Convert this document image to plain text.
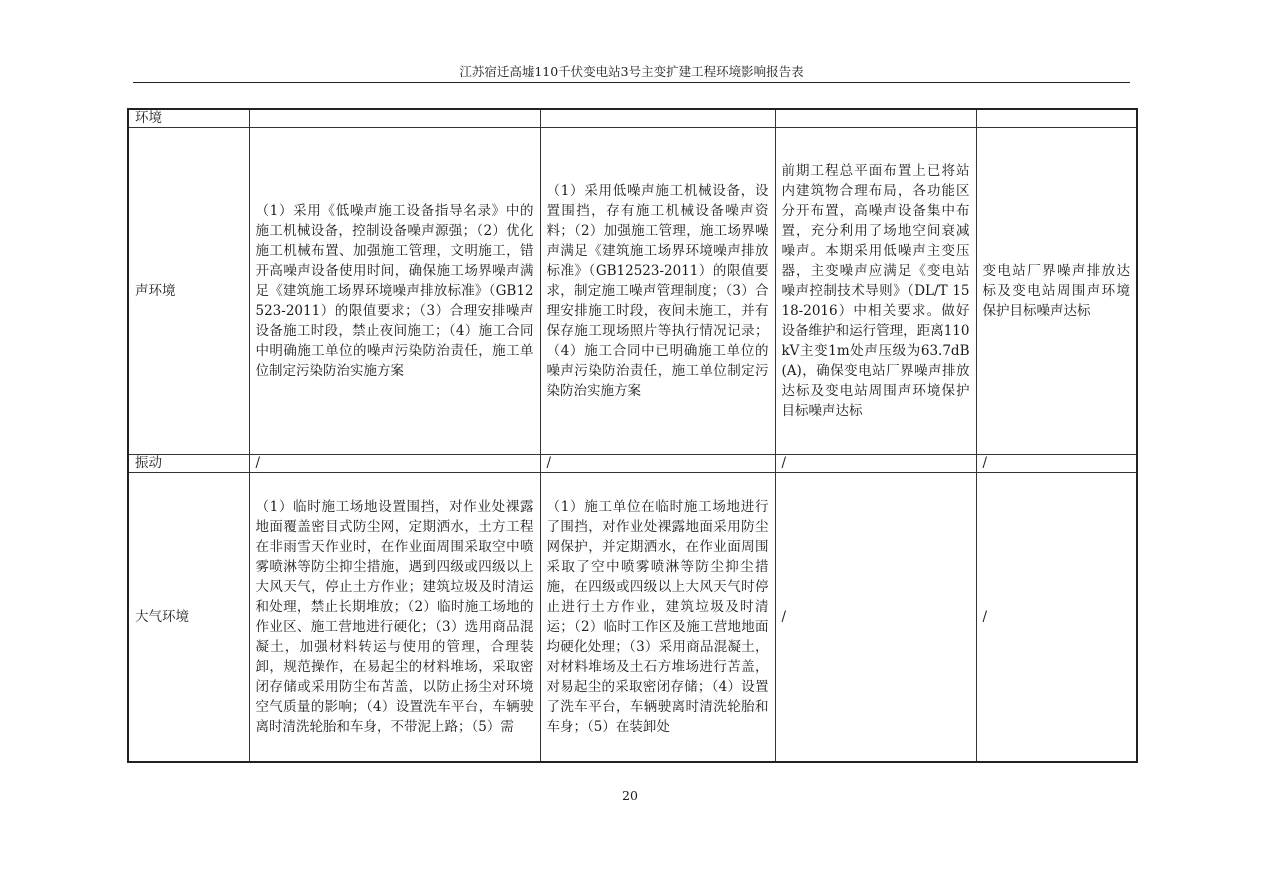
江苏宿迁高墟110千伏变电站3号主变扩建工程环境影响报告表
环境				
声环境	（1）采用《低噪声施工设备指导名录》中的施工机械设备，控制设备噪声源强；（2）优化施工机械布置、加强施工管理，文明施工，错开高噪声设备使用时间，确保施工场界噪声满足《建筑施工场界环境噪声排放标准》（GB12523-2011）的限值要求；（3）合理安排噪声设备施工时段，禁止夜间施工；（4）施工合同中明确施工单位的噪声污染防治责任，施工单位制定污染防治实施方案	（1）采用低噪声施工机械设备，设置围挡，存有施工机械设备噪声资料；（2）加强施工管理，施工场界噪声满足《建筑施工场界环境噪声排放标准》（GB12523-2011）的限值要求，制定施工噪声管理制度；（3）合理安排施工时段，夜间未施工，并有保存施工现场照片等执行情况记录；（4）施工合同中已明确施工单位的噪声污染防治责任，施工单位制定污染防治实施方案	前期工程总平面布置上已将站内建筑物合理布局，各功能区分开布置，高噪声设备集中布置，充分利用了场地空间衰减噪声。本期采用低噪声主变压器，主变噪声应满足《变电站噪声控制技术导则》（DL/T 1518-2016）中相关要求。做好设备维护和运行管理，距离110kV主变1m处声压级为63.7dB(A)，确保变电站厂界噪声排放达标及变电站周围声环境保护目标噪声达标	变电站厂界噪声排放达标及变电站周围声环境保护目标噪声达标
振动	/	/	/	/
大气环境	（1）临时施工场地设置围挡，对作业处裸露地面覆盖密目式防尘网，定期洒水，土方工程在非雨雪天作业时，在作业面周围采取空中喷雾喷淋等防尘抑尘措施，遇到四级或四级以上大风天气，停止土方作业；建筑垃圾及时清运和处理，禁止长期堆放；（2）临时施工场地的作业区、施工营地进行硬化；（3）选用商品混凝土，加强材料转运与使用的管理，合理装卸，规范操作，在易起尘的材料堆场，采取密闭存储或采用防尘布苫盖，以防止扬尘对环境空气质量的影响；（4）设置洗车平台，车辆驶离时清洗轮胎和车身，不带泥上路；（5）需	（1）施工单位在临时施工场地进行了围挡，对作业处裸露地面采用防尘网保护，并定期洒水，在作业面周围采取了空中喷雾喷淋等防尘抑尘措施，在四级或四级以上大风天气时停止进行土方作业，建筑垃圾及时清运；（2）临时工作区及施工营地地面均硬化处理；（3）采用商品混凝土，对材料堆场及土石方堆场进行苫盖，对易起尘的采取密闭存储；（4）设置了洗车平台，车辆驶离时清洗轮胎和车身；（5）在装卸处	/	/
20
